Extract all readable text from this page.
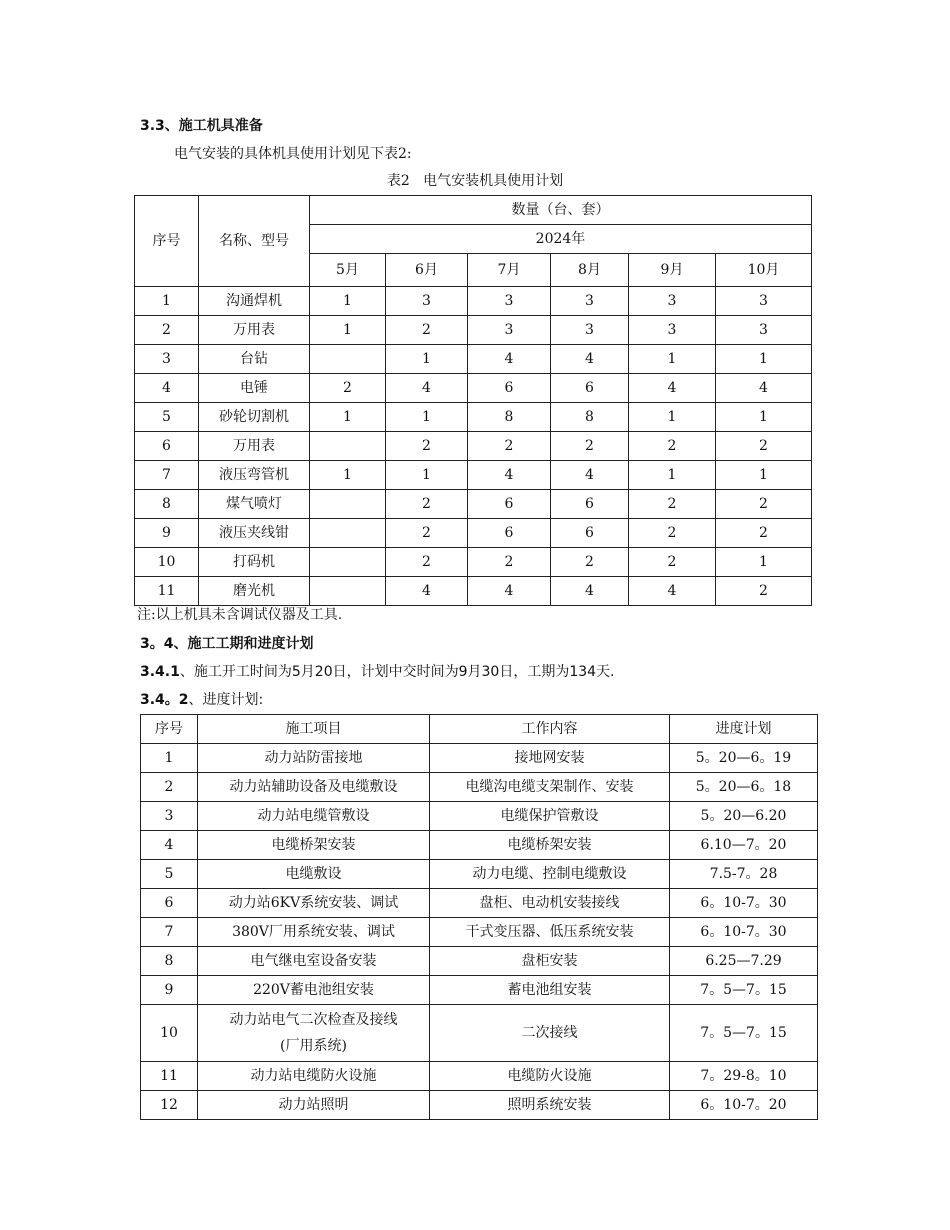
3.3、施工机具准备
电气安装的具体机具使用计划见下表2:
表2   电气安装机具使用计划
序号	名称、型号	数量（台、套）					
		2024年					
		5月	6月	7月	8月	9月	10月
1	沟通焊机	1	3	3	3	3	3
2	万用表	1	2	3	3	3	3
3	台钻		1	4	4	1	1
4	电锤	2	4	6	6	4	4
5	砂轮切割机	1	1	8	8	1	1
6	万用表		2	2	2	2	2
7	液压弯管机	1	1	4	4	1	1
8	煤气喷灯		2	6	6	2	2
9	液压夹线钳		2	6	6	2	2
10	打码机		2	2	2	2	1
11	磨光机		4	4	4	4	2
注:以上机具未含调试仪器及工具.
3。4、施工工期和进度计划
3.4.1、施工开工时间为5月20日，计划中交时间为9月30日，工期为134天.
3.4。2、进度计划:
序号	施工项目	工作内容	进度计划
1	动力站防雷接地	接地网安装	5。20—6。19
2	动力站辅助设备及电缆敷设	电缆沟电缆支架制作、安装	5。20—6。18
3	动力站电缆管敷设	电缆保护管敷设	5。20—6.20
4	电缆桥架安装	电缆桥架安装	6.10—7。20
5	电缆敷设	动力电缆、控制电缆敷设	7.5-7。28
6	动力站6KV系统安装、调试	盘柜、电动机安装接线	6。10-7。30
7	380V厂用系统安装、调试	干式变压器、低压系统安装	6。10-7。30
8	电气继电室设备安装	盘柜安装	6.25—7.29
9	220V蓄电池组安装	蓄电池组安装	7。5—7。15
10	动力站电气二次检查及接线
(厂用系统)	二次接线	7。5—7。15
11	动力站电缆防火设施	电缆防火设施	7。29-8。10
12	动力站照明	照明系统安装	6。10-7。20
